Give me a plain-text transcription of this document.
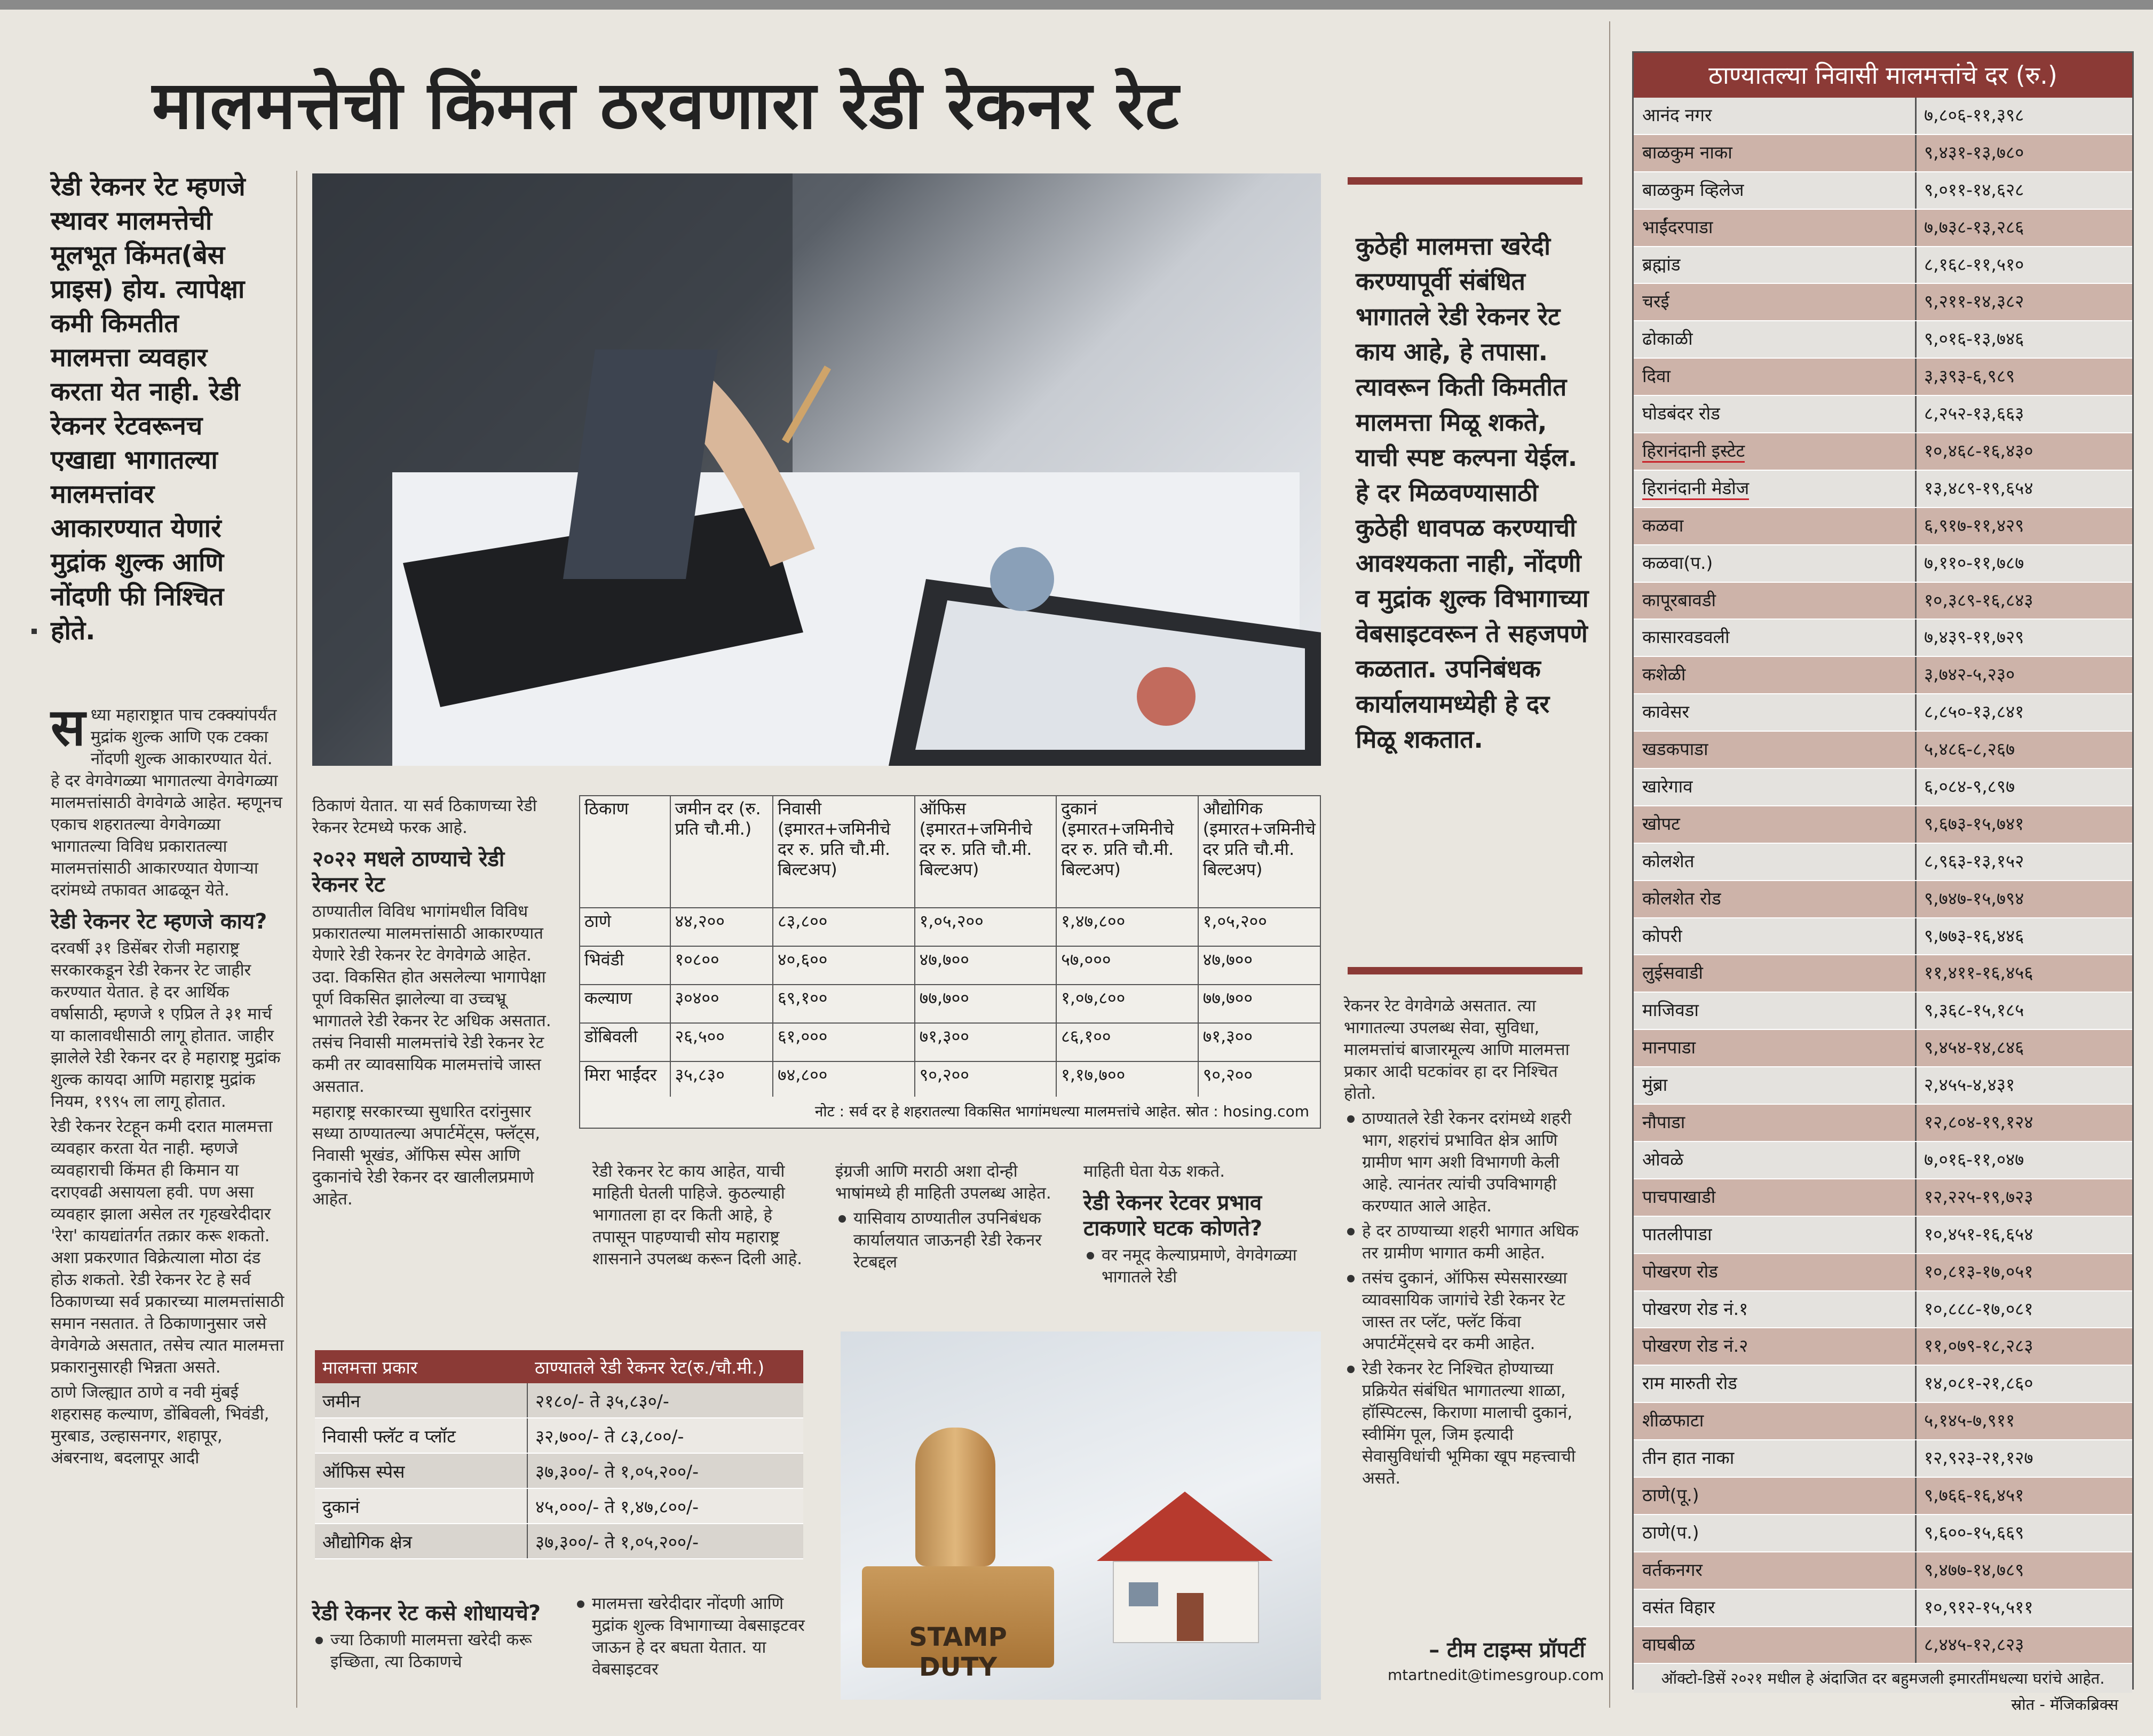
मालमत्तेची किंमत ठरवणारा रेडी रेकनर रेट
रेडी रेकनर रेट म्हणजे स्थावर मालमत्तेची मूलभूत किंमत(बेस प्राइस) होय. त्यापेक्षा कमी किमतीत मालमत्ता व्यवहार करता येत नाही. रेडी रेकनर रेटवरूनच एखाद्या भागातल्या मालमत्तांवर आकारण्यात येणारं मुद्रांक शुल्क आणि नोंदणी फी निश्चित होते.

सध्या महाराष्ट्रात पाच टक्क्यांपर्यंत मुद्रांक शुल्क आणि एक टक्का नोंदणी शुल्क आकारण्यात येतं. हे दर वेगवेगळ्या भागातल्या वेगवेगळ्या मालमत्तांसाठी वेगवेगळे आहेत. म्हणूनच एकाच शहरातल्या वेगवेगळ्या भागातल्या विविध प्रकारातल्या मालमत्तांसाठी आकारण्यात येणाऱ्या दरांमध्ये तफावत आढळून येते.

रेडी रेकनर रेट म्हणजे काय?

दरवर्षी ३१ डिसेंबर रोजी महाराष्ट्र सरकारकडून रेडी रेकनर रेट जाहीर करण्यात येतात. हे दर आर्थिक वर्षासाठी, म्हणजे १ एप्रिल ते ३१ मार्च या कालावधीसाठी लागू होतात. जाहीर झालेले रेडी रेकनर दर हे महाराष्ट्र मुद्रांक शुल्क कायदा आणि महाराष्ट्र मुद्रांक नियम, १९९५ ला लागू होतात.

रेडी रेकनर रेटहून कमी दरात मालमत्ता व्यवहार करता येत नाही. म्हणजे व्यवहाराची किंमत ही किमान या दराएवढी असायला हवी. पण असा व्यवहार झाला असेल तर गृहखरेदीदार 'रेरा' कायद्यांतर्गत तक्रार करू शकतो. अशा प्रकरणात विक्रेत्याला मोठा दंड होऊ शकतो. रेडी रेकनर रेट हे सर्व ठिकाणच्या सर्व प्रकारच्या मालमत्तांसाठी समान नसतात. ते ठिकाणानुसार जसे वेगवेगळे असतात, तसेच त्यात मालमत्ता प्रकारानुसारही भिन्नता असते.

ठाणे जिल्ह्यात ठाणे व नवी मुंबई शहरासह कल्याण, डोंबिवली, भिवंडी, मुरबाड, उल्हासनगर, शहापूर, अंबरनाथ, बदलापूर आदी

ठिकाणं येतात. या सर्व ठिकाणच्या रेडी रेकनर रेटमध्ये फरक आहे.

२०२२ मधले ठाण्याचे रेडी रेकनर रेट

ठाण्यातील विविध भागांमधील विविध प्रकारातल्या मालमत्तांसाठी आकारण्यात येणारे रेडी रेकनर रेट वेगवेगळे आहेत. उदा. विकसित होत असलेल्या भागापेक्षा पूर्ण विकसित झालेल्या वा उच्चभ्रू भागातले रेडी रेकनर रेट अधिक असतात. तसंच निवासी मालमत्तांचे रेडी रेकनर रेट कमी तर व्यावसायिक मालमत्तांचे जास्त असतात.

महाराष्ट्र सरकारच्या सुधारित दरांनुसार सध्या ठाण्यातल्या अपार्टमेंट्स, फ्लॅट्स, निवासी भूखंड, ऑफिस स्पेस आणि दुकानांचे रेडी रेकनर दर खालीलप्रमाणे आहेत.

ठिकाण	जमीन दर (रु. प्रति चौ.मी.)	निवासी (इमारत+जमिनीचे दर रु. प्रति चौ.मी. बिल्टअप)	ऑफिस (इमारत+जमिनीचे दर रु. प्रति चौ.मी. बिल्टअप)	दुकानं (इमारत+जमिनीचे दर रु. प्रति चौ.मी. बिल्टअप)	औद्योगिक (इमारत+जमिनीचे दर प्रति चौ.मी. बिल्टअप)
ठाणे	४४,२००	८३,८००	१,०५,२००	१,४७,८००	१,०५,२००
भिवंडी	१०८००	४०,६००	४७,७००	५७,०००	४७,७००
कल्याण	३०४००	६९,१००	७७,७००	१,०७,८००	७७,७००
डोंबिवली	२६,५००	६१,०००	७१,३००	८६,१००	७१,३००
मिरा भाईंदर	३५,८३०	७४,८००	९०,२००	१,१७,७००	९०,२००
नोट : सर्व दर हे शहरातल्या विकसित भागांमधल्या मालमत्तांचे आहेत. स्रोत : hosing.com

रेडी रेकनर रेट काय आहेत, याची माहिती घेतली पाहिजे. कुठल्याही भागातला हा दर किती आहे, हे तपासून पाहण्याची सोय महाराष्ट्र शासनाने उपलब्ध करून दिली आहे.

इंग्रजी आणि मराठी अशा दोन्ही भाषांमध्ये ही माहिती उपलब्ध आहेत.

यासिवाय ठाण्यातील उपनिबंधक कार्यालयात जाऊनही रेडी रेकनर रेटबद्दल

माहिती घेता येऊ शकते.

रेडी रेकनर रेटवर प्रभाव टाकणारे घटक कोणते?

वर नमूद केल्याप्रमाणे, वेगवेगळ्या भागातले रेडी

मालमत्ता प्रकार	ठाण्यातले रेडी रेकनर रेट(रु./चौ.मी.)
जमीन	२१८०/- ते ३५,८३०/-
निवासी फ्लॅट व प्लॉट	३२,७००/- ते ८३,८००/-
ऑफिस स्पेस	३७,३००/- ते १,०५,२००/-
दुकानं	४५,०००/- ते १,४७,८००/-
औद्योगिक क्षेत्र	३७,३००/- ते १,०५,२००/-
रेडी रेकनर रेट कसे शोधायचे?

ज्या ठिकाणी मालमत्ता खरेदी करू इच्छिता, त्या ठिकाणचे

मालमत्ता खरेदीदार नोंदणी आणि मुद्रांक शुल्क विभागाच्या वेबसाइटवर जाऊन हे दर बघता येतात. या वेबसाइटवर

STAMP DUTY
कुठेही मालमत्ता खरेदी करण्यापूर्वी संबंधित भागातले रेडी रेकनर रेट काय आहे, हे तपासा. त्यावरून किती किमतीत मालमत्ता मिळू शकते, याची स्पष्ट कल्पना येईल. हे दर मिळवण्यासाठी कुठेही धावपळ करण्याची आवश्यकता नाही, नोंदणी व मुद्रांक शुल्क विभागाच्या वेबसाइटवरून ते सहजपणे कळतात. उपनिबंधक कार्यालयामध्येही हे दर मिळू शकतात.

रेकनर रेट वेगवेगळे असतात. त्या भागातल्या उपलब्ध सेवा, सुविधा, मालमत्तांचं बाजारमूल्य आणि मालमत्ता प्रकार आदी घटकांवर हा दर निश्चित होतो.

ठाण्यातले रेडी रेकनर दरांमध्ये शहरी भाग, शहरांचं प्रभावित क्षेत्र आणि ग्रामीण भाग अशी विभागणी केली आहे. त्यानंतर त्यांची उपविभागही करण्यात आले आहेत.

हे दर ठाण्याच्या शहरी भागात अधिक तर ग्रामीण भागात कमी आहेत.

तसंच दुकानं, ऑफिस स्पेससारख्या व्यावसायिक जागांचे रेडी रेकनर रेट जास्त तर प्लॅट, फ्लॅट किंवा अपार्टमेंट्सचे दर कमी आहेत.

रेडी रेकनर रेट निश्चित होण्याच्या प्रक्रियेत संबंधित भागातल्या शाळा, हॉस्पिटल्स, किराणा मालाची दुकानं, स्वीमिंग पूल, जिम इत्यादी सेवासुविधांची भूमिका खूप महत्त्वाची असते.

– टीम टाइम्स प्रॉपर्टी
mtartnedit@timesgroup.com
ठाण्यातल्या निवासी मालमत्तांचे दर (रु.)
आनंद नगर	७,८०६-११,३९८
बाळकुम नाका	९,४३१-१३,७८०
बाळकुम व्हिलेज	९,०११-१४,६२८
भाईंदरपाडा	७,७३८-१३,२८६
ब्रह्मांड	८,१६८-११,५१०
चरई	९,२११-१४,३८२
ढोकाळी	९,०१६-१३,७४६
दिवा	३,३९३-६,९८९
घोडबंदर रोड	८,२५२-१३,६६३
हिरानंदानी इस्टेट	१०,४६८-१६,४३०
हिरानंदानी मेडोज	१३,४८९-१९,६५४
कळवा	६,९१७-११,४२९
कळवा(प.)	७,११०-११,७८७
कापूरबावडी	१०,३८९-१६,८४३
कासारवडवली	७,४३९-११,७२९
कशेळी	३,७४२-५,२३०
कावेसर	८,८५०-१३,८४१
खडकपाडा	५,४८६-८,२६७
खारेगाव	६,०८४-९,८९७
खोपट	९,६७३-१५,७४१
कोलशेत	८,९६३-१३,१५२
कोलशेत रोड	९,७४७-१५,७९४
कोपरी	९,७७३-१६,४४६
लुईसवाडी	११,४११-१६,४५६
माजिवडा	९,३६८-१५,१८५
मानपाडा	९,४५४-१४,८४६
मुंब्रा	२,४५५-४,४३१
नौपाडा	१२,८०४-१९,१२४
ओवळे	७,०१६-११,०४७
पाचपाखाडी	१२,२२५-१९,७२३
पातलीपाडा	१०,४५१-१६,६५४
पोखरण रोड	१०,८१३-१७,०५१
पोखरण रोड नं.१	१०,८८८-१७,०८१
पोखरण रोड नं.२	११,०७९-१८,२८३
राम मारुती रोड	१४,०८१-२१,८६०
शीळफाटा	५,१४५-७,९११
तीन हात नाका	१२,९२३-२१,१२७
ठाणे(पू.)	९,७६६-१६,४५१
ठाणे(प.)	९,६००-१५,६६९
वर्तकनगर	९,४७७-१४,७८९
वसंत विहार	१०,९१२-१५,५११
वाघबीळ	८,४४५-१२,८२३
ऑक्टो-डिसें २०२१ मधील हे अंदाजित दर बहुमजली इमारतींमधल्या घरांचे आहेत.
स्रोत - मॅजिकब्रिक्स
